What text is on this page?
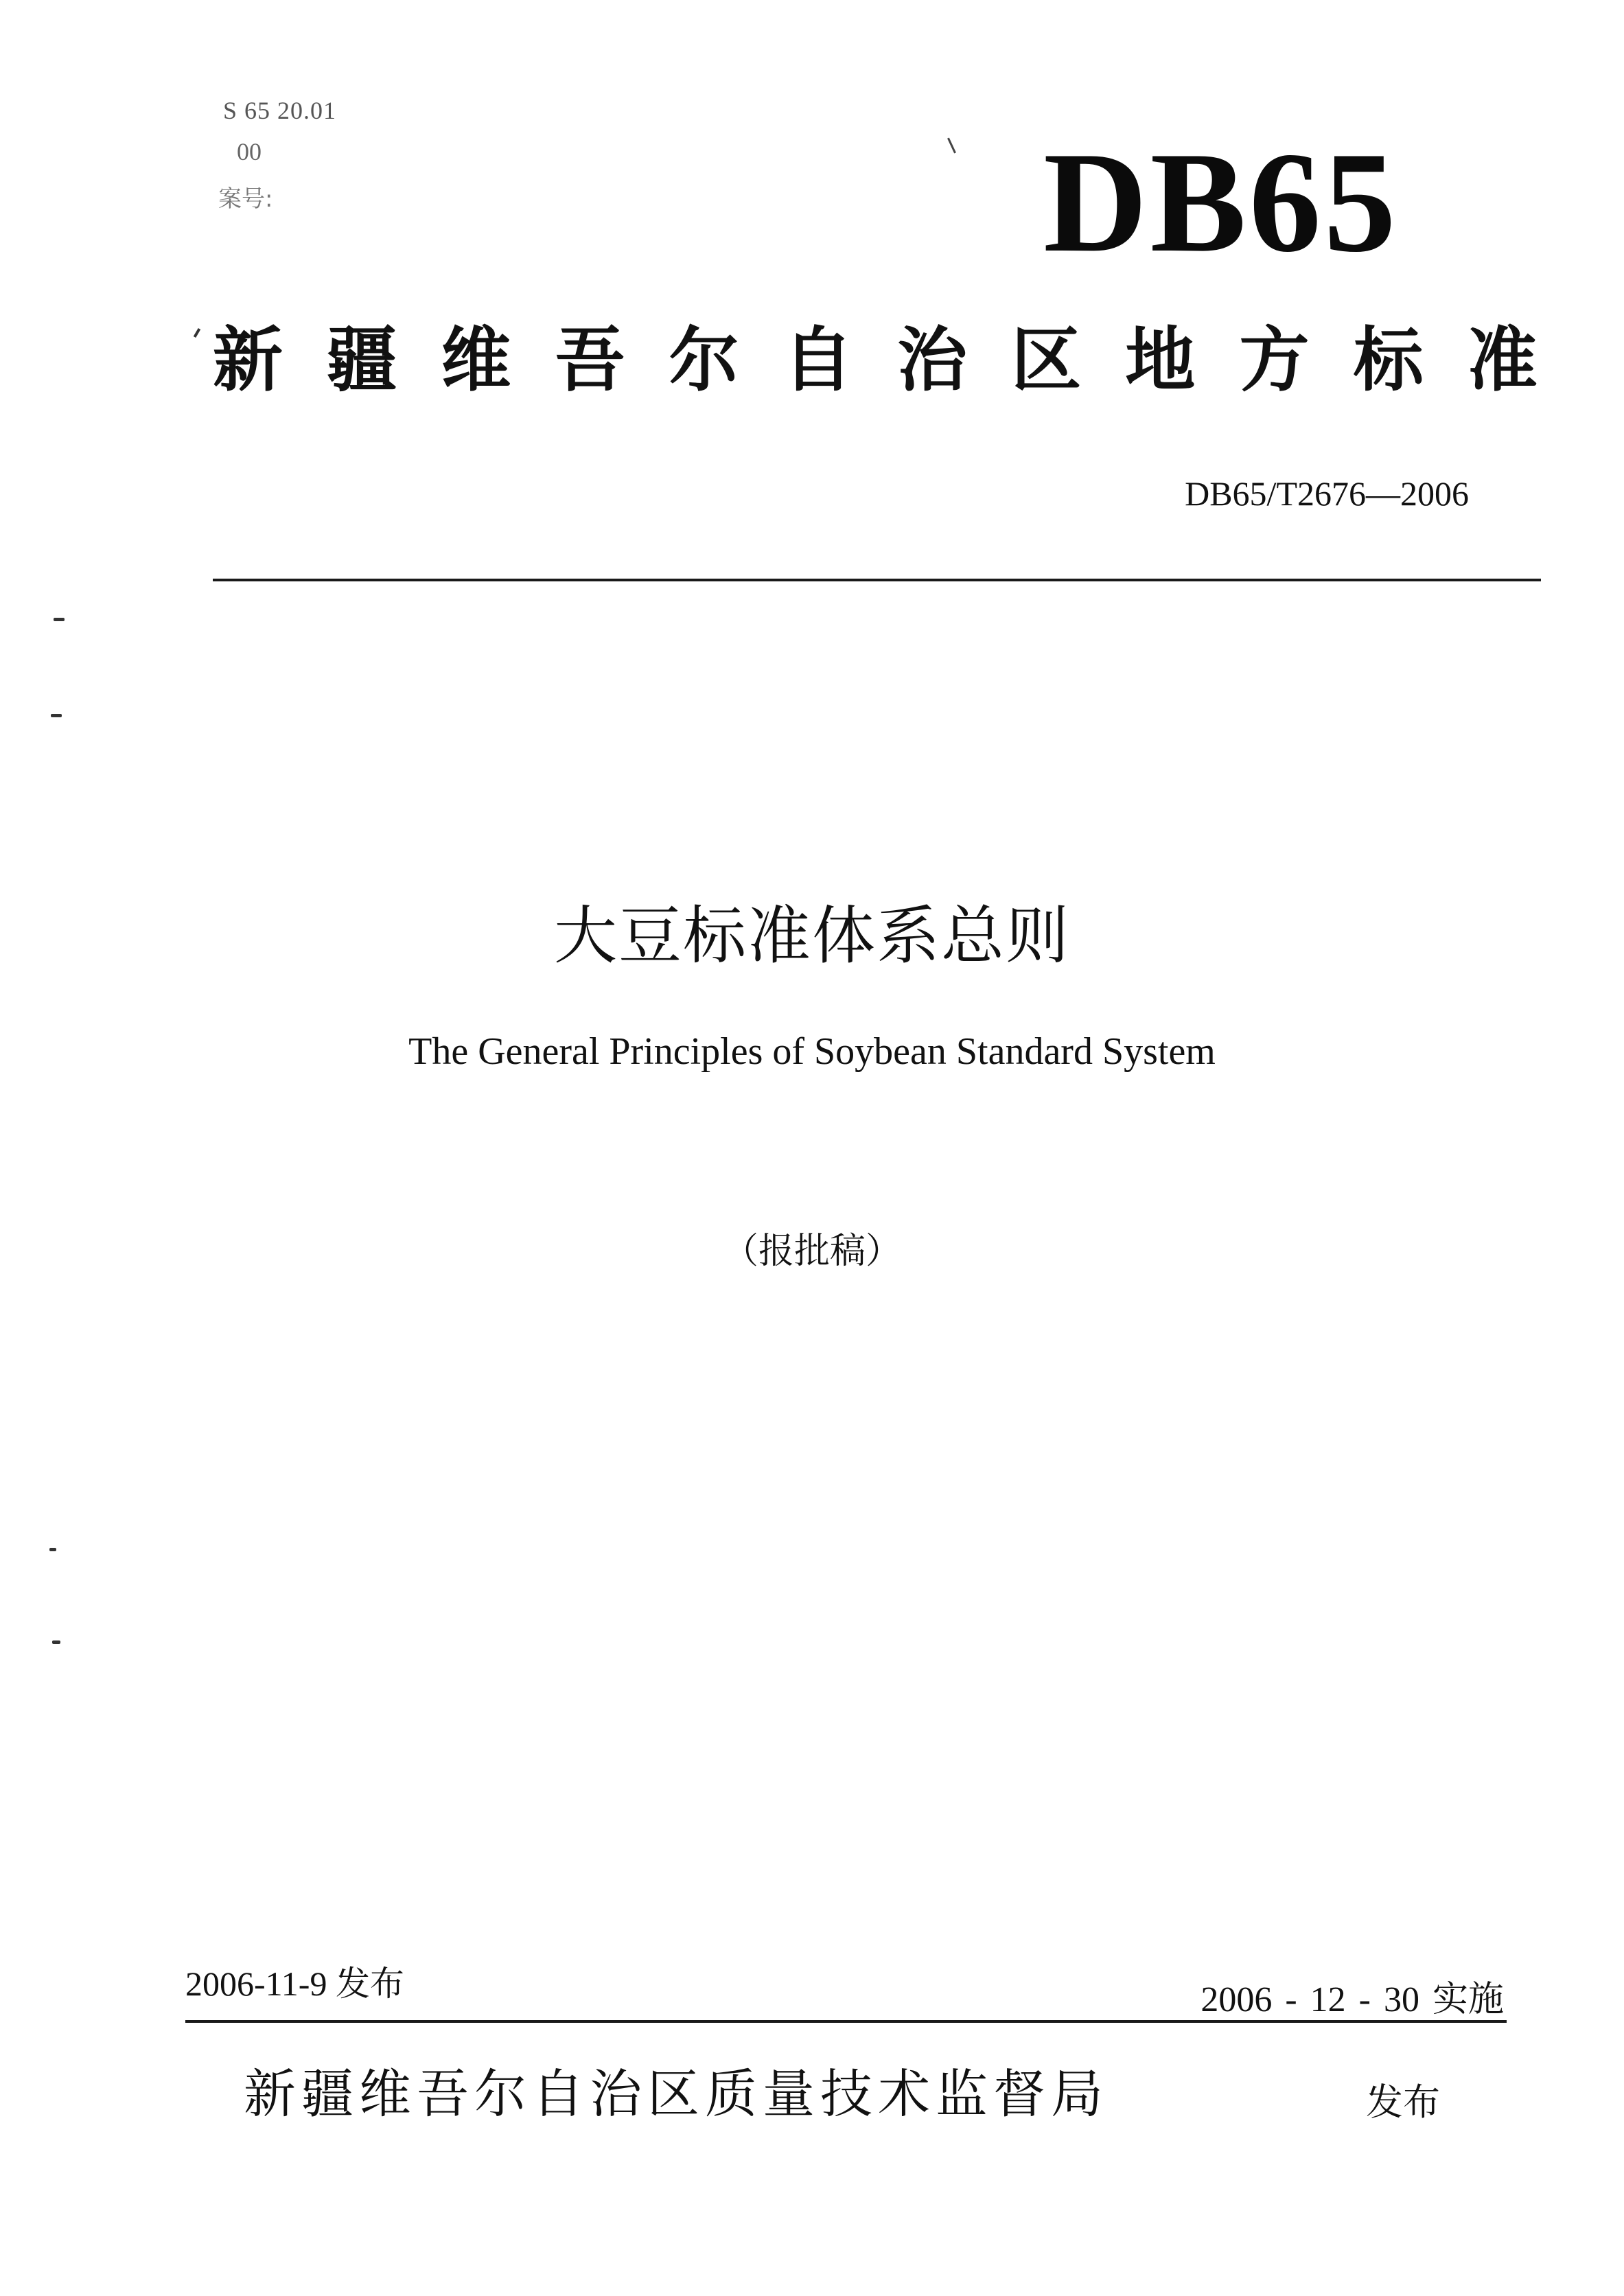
S 65 20.01
00
案号:	DB65
新 疆 维 吾 尔 自 治 区 地 方 标 准
DB65/T2676—2006
大豆标准体系总则
The General Principles of Soybean Standard System
（报批稿）
2006-11-9 发布	2006 - 12 - 30 实施
新疆维吾尔自治区质量技术监督局	发布
